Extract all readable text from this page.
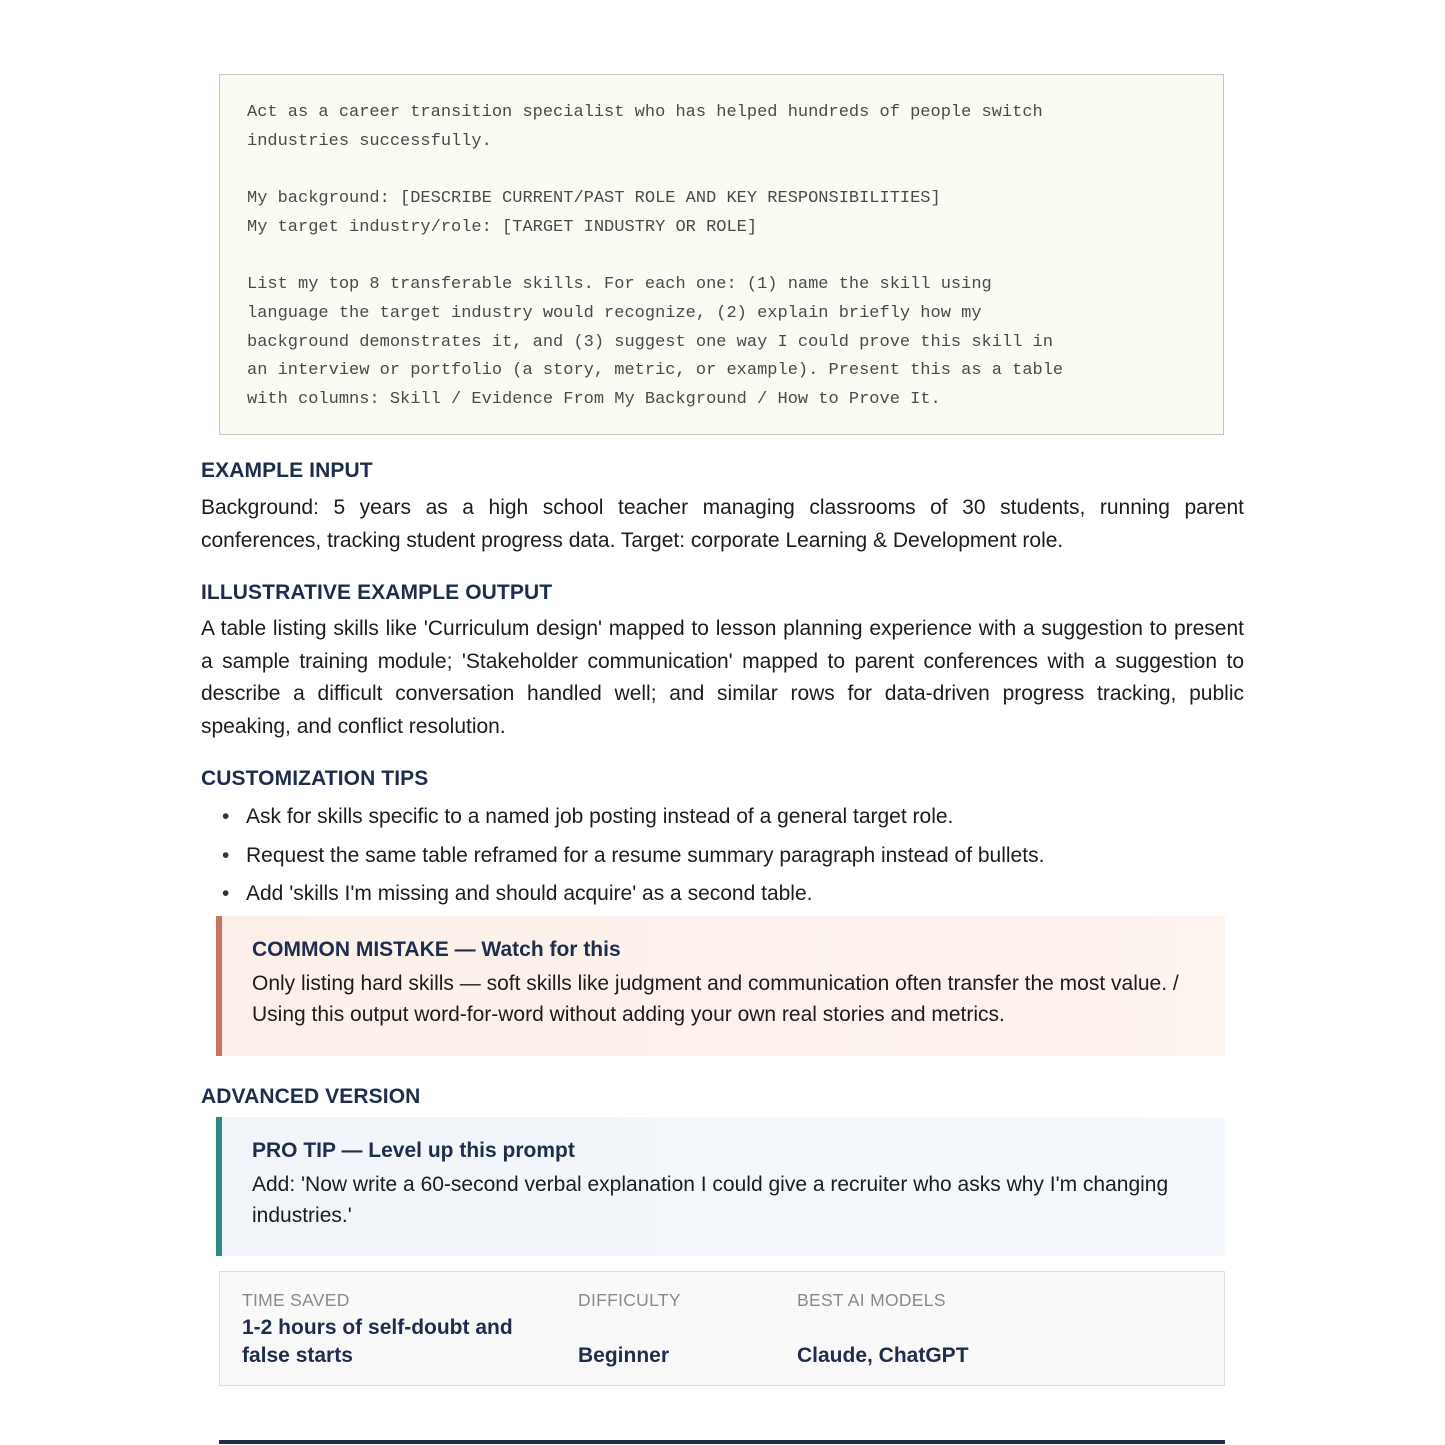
Act as a career transition specialist who has helped hundreds of people switch
industries successfully.
My background: [DESCRIBE CURRENT/PAST ROLE AND KEY RESPONSIBILITIES]
My target industry/role: [TARGET INDUSTRY OR ROLE]
List my top 8 transferable skills. For each one: (1) name the skill using
language the target industry would recognize, (2) explain briefly how my
background demonstrates it, and (3) suggest one way I could prove this skill in
an interview or portfolio (a story, metric, or example). Present this as a table
with columns: Skill / Evidence From My Background / How to Prove It.
EXAMPLE INPUT
Background: 5 years as a high school teacher managing classrooms of 30 students, running parent conferences, tracking student progress data. Target: corporate Learning & Development role.
ILLUSTRATIVE EXAMPLE OUTPUT
A table listing skills like 'Curriculum design' mapped to lesson planning experience with a suggestion to present a sample training module; 'Stakeholder communication' mapped to parent conferences with a suggestion to describe a difficult conversation handled well; and similar rows for data-driven progress tracking, public speaking, and conflict resolution.
CUSTOMIZATION TIPS
• Ask for skills specific to a named job posting instead of a general target role.
• Request the same table reframed for a resume summary paragraph instead of bullets.
• Add 'skills I'm missing and should acquire' as a second table.
COMMON MISTAKE — Watch for this
Only listing hard skills — soft skills like judgment and communication often transfer the most value. / Using this output word-for-word without adding your own real stories and metrics.
ADVANCED VERSION
PRO TIP — Level up this prompt
Add: 'Now write a 60-second verbal explanation I could give a recruiter who asks why I'm changing industries.'
TIME SAVED
1-2 hours of self-doubt and false starts
DIFFICULTY
Beginner
BEST AI MODELS
Claude, ChatGPT
